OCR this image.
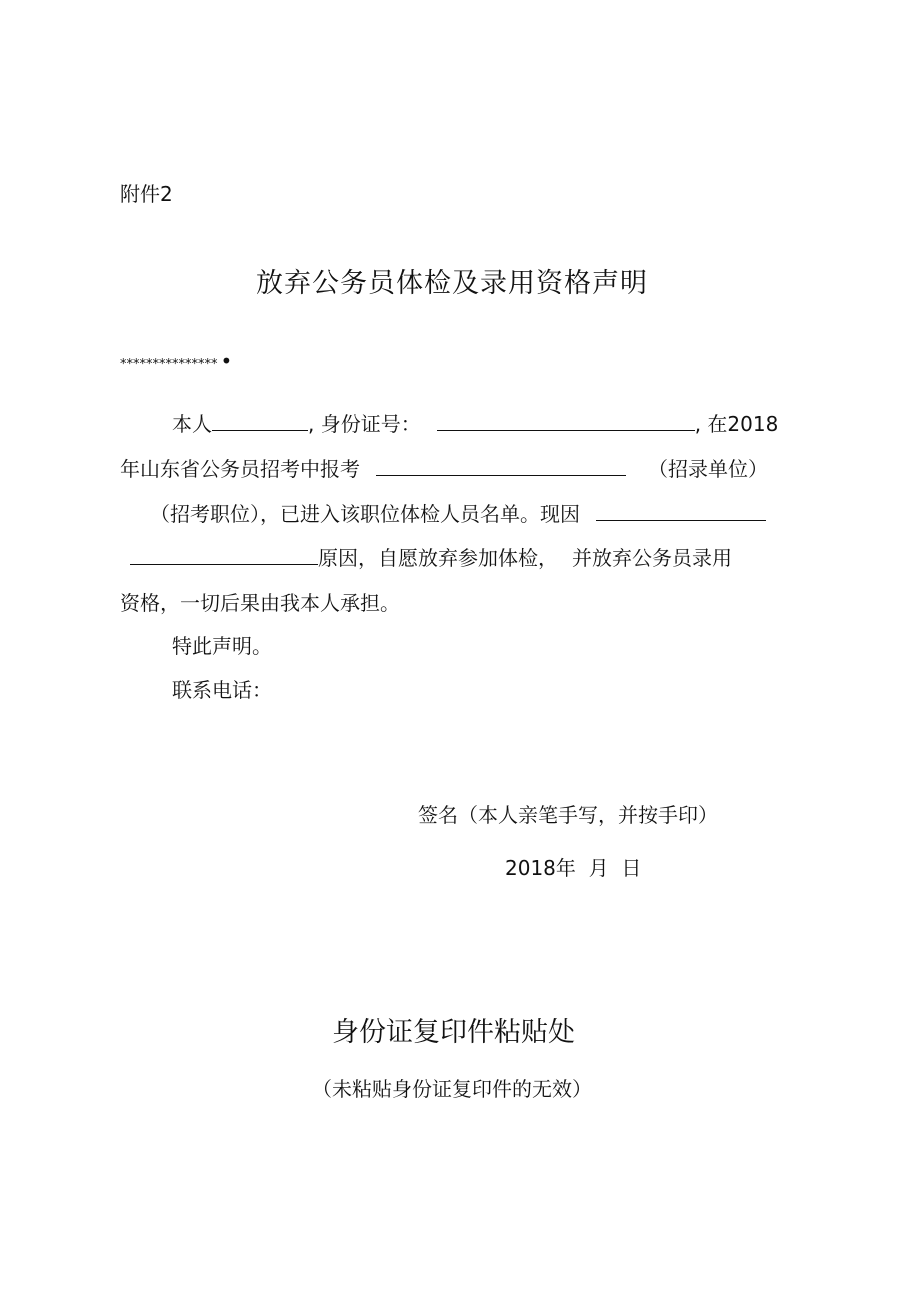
附件2
放弃公务员体检及录用资格声明
*************** •
本人	, 身份证号：	, 在2018
年山东省公务员招考中报考	（招录单位）
（招考职位），已进入该职位体检人员名单。现因
原因，自愿放弃参加体检， 并放弃公务员录用
资格，一切后果由我本人承担。
特此声明。
联系电话：
签名（本人亲笔手写，并按手印）
2018年  月  日
身份证复印件粘贴处
（未粘贴身份证复印件的无效）
